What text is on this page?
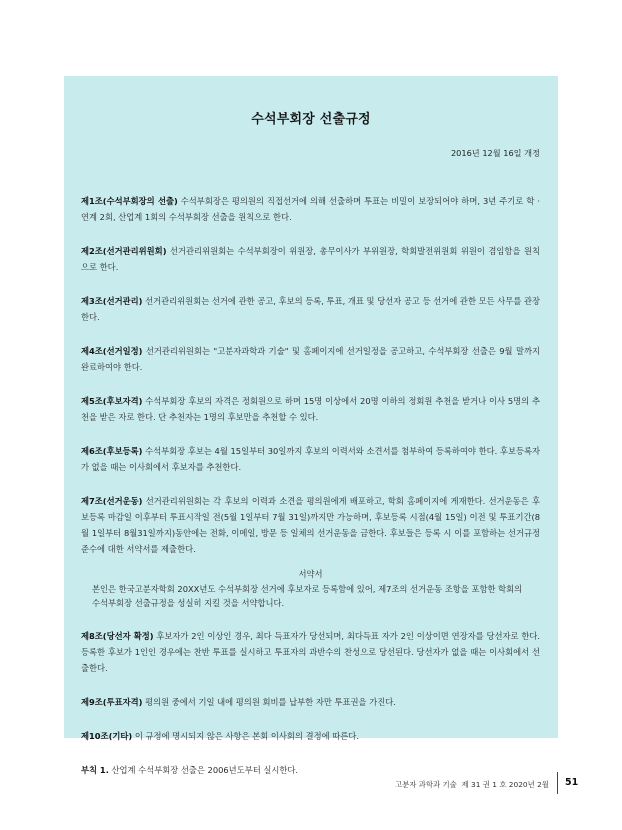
수석부회장 선출규정
2016년 12월 16일 개정

제1조(수석부회장의 선출) 수석부회장은 평의원의 직접선거에 의해 선출하며 투표는 비밀이 보장되어야 하며, 3년 주기로 학 · 연계 2회, 산업계 1회의 수석부회장 선출을 원칙으로 한다.

제2조(선거관리위원회) 선거관리위원회는 수석부회장이 위원장, 총무이사가 부위원장, 학회발전위원회 위원이 겸임함을 원칙으로 한다.

제3조(선거관리) 선거관리위원회는 선거에 관한 공고, 후보의 등록, 투표, 개표 및 당선자 공고 등 선거에 관한 모든 사무를 관장한다.

제4조(선거일정) 선거관리위원회는 "고분자과학과 기술" 및 홈페이지에 선거일정을 공고하고, 수석부회장 선출은 9월 말까지 완료하여야 한다.

제5조(후보자격) 수석부회장 후보의 자격은 정회원으로 하며 15명 이상에서 20명 이하의 정회원 추천을 받거나 이사 5명의 추천을 받은 자로 한다. 단 추천자는 1명의 후보만을 추천할 수 있다.

제6조(후보등록) 수석부회장 후보는 4월 15일부터 30일까지 후보의 이력서와 소견서를 첨부하여 등록하여야 한다. 후보등록자가 없을 때는 이사회에서 후보자를 추천한다.

제7조(선거운동) 선거관리위원회는 각 후보의 이력과 소견을 평의원에게 배포하고, 학회 홈페이지에 게재한다. 선거운동은 후보등록 마감일 이후부터 투표시작일 전(5월 1일부터 7월 31일)까지만 가능하며, 후보등록 시점(4월 15일) 이전 및 투표기간(8월 1일부터 8월31일까지)동안에는 전화, 이메일, 방문 등 일체의 선거운동을 금한다. 후보들은 등록 시 이를 포함하는 선거규정 준수에 대한 서약서를 제출한다.

서약서
본인은 한국고분자학회 20XX년도 수석부회장 선거에 후보자로 등록함에 있어, 제7조의 선거운동 조항을 포함한 학회의 수석부회장 선출규정을 성실히 지킬 것을 서약합니다.

제8조(당선자 확정) 후보자가 2인 이상인 경우, 최다 득표자가 당선되며, 최다득표 자가 2인 이상이면 연장자를 당선자로 한다. 등록한 후보가 1인인 경우에는 찬반 투표를 실시하고 투표자의 과반수의 찬성으로 당선된다. 당선자가 없을 때는 이사회에서 선출한다.

제9조(투표자격) 평의원 중에서 기일 내에 평의원 회비를 납부한 자만 투표권을 가진다.

제10조(기타) 이 규정에 명시되지 않은 사항은 본회 이사회의 결정에 따른다.

부칙 1. 산업계 수석부회장 선출은 2006년도부터 실시한다.

고분자 과학과 기술 제 31 권 1 호 2020년 2월 51
